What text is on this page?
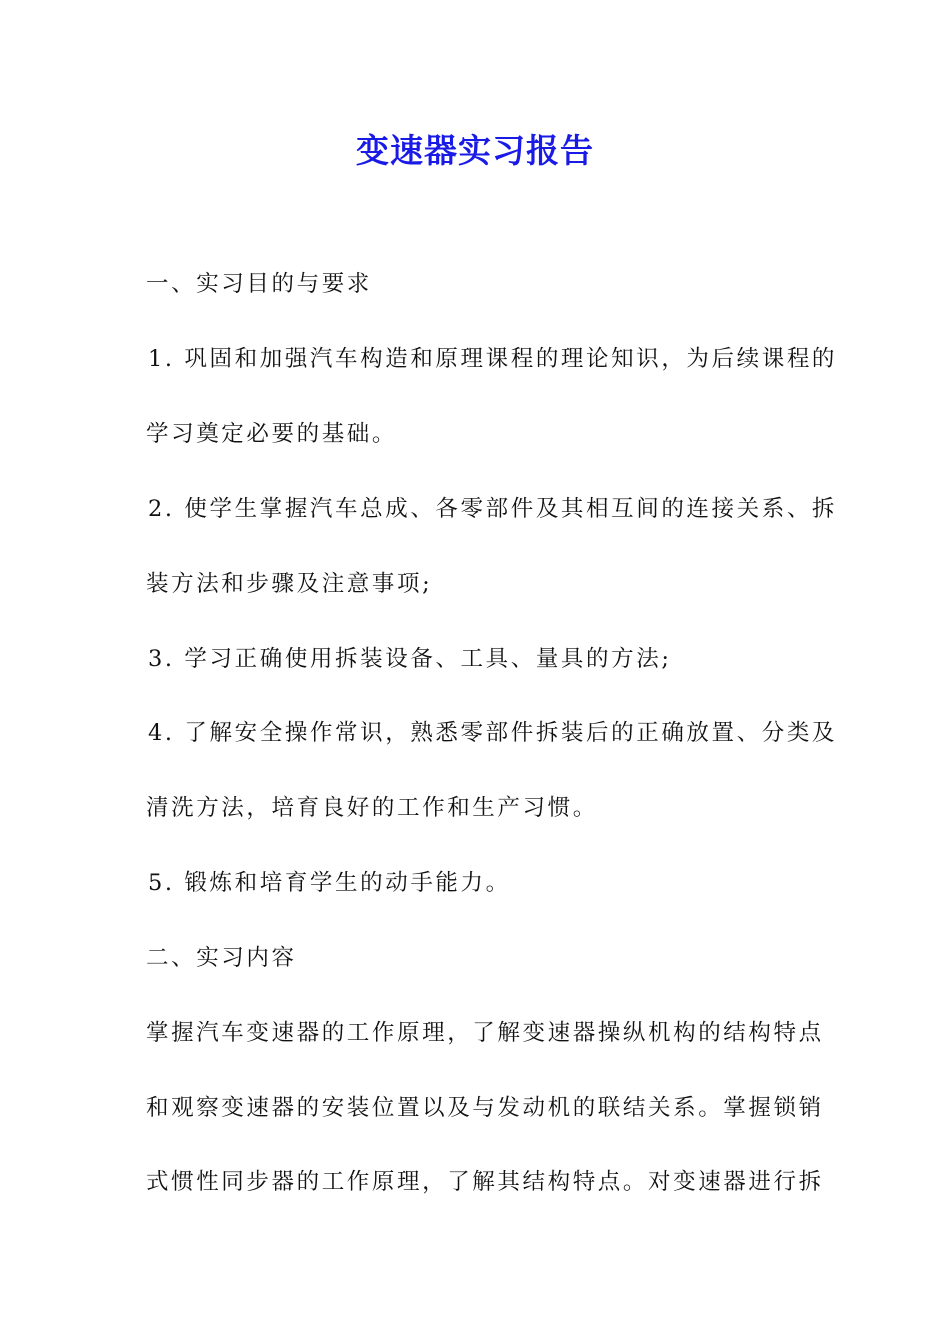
变速器实习报告
一、实习目的与要求
1. 巩固和加强汽车构造和原理课程的理论知识，为后续课程的
学习奠定必要的基础。
2. 使学生掌握汽车总成、各零部件及其相互间的连接关系、拆
装方法和步骤及注意事项;
3. 学习正确使用拆装设备、工具、量具的方法;
4. 了解安全操作常识，熟悉零部件拆装后的正确放置、分类及
清洗方法，培育良好的工作和生产习惯。
5. 锻炼和培育学生的动手能力。
二、实习内容
掌握汽车变速器的工作原理，了解变速器操纵机构的结构特点
和观察变速器的安装位置以及与发动机的联结关系。掌握锁销
式惯性同步器的工作原理，了解其结构特点。对变速器进行拆
